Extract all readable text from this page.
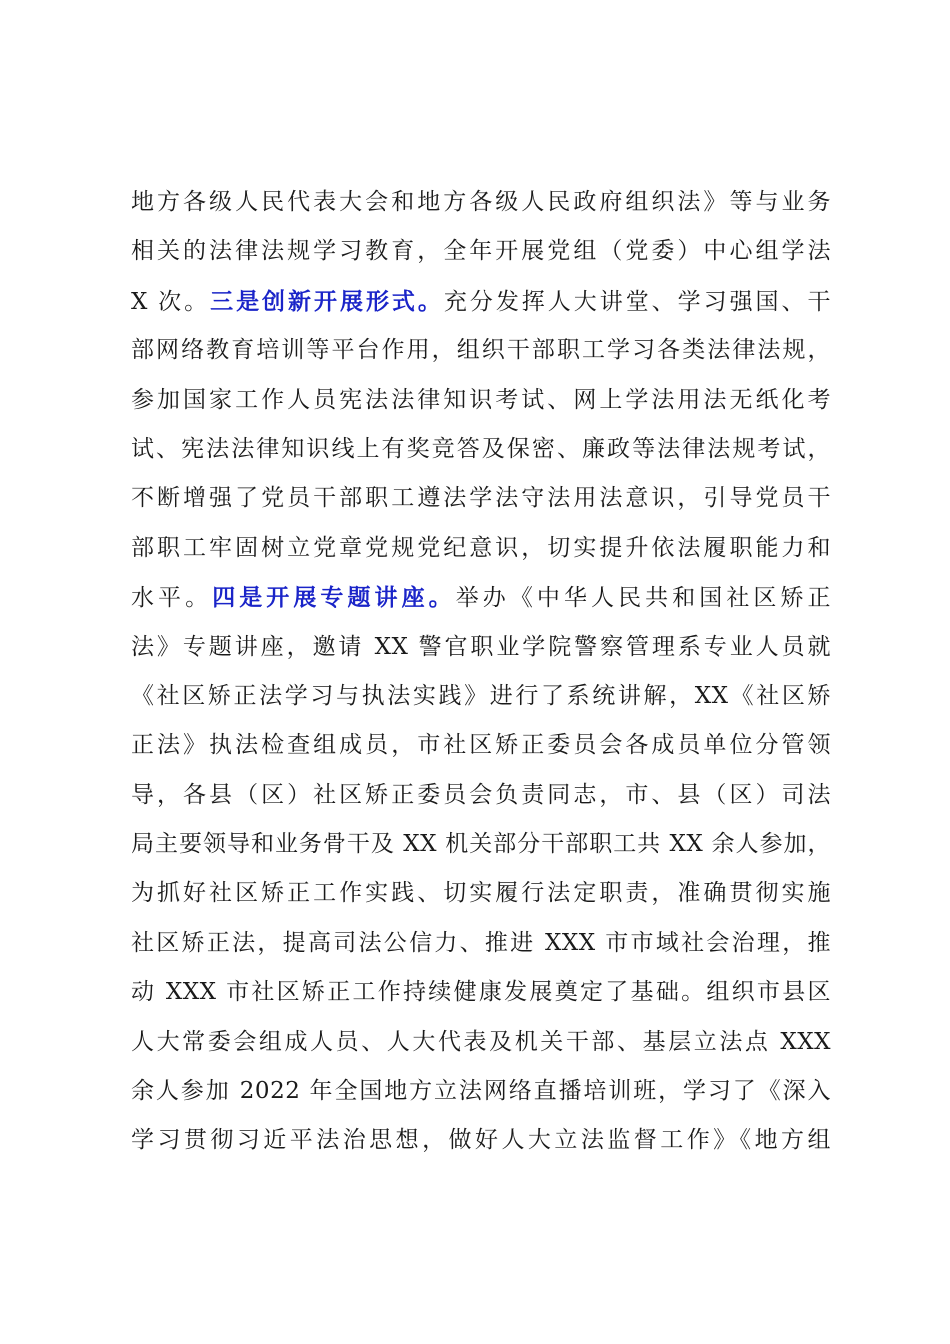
地方各级人民代表大会和地方各级人民政府组织法》等与业务
相关的法律法规学习教育，全年开展党组（党委）中心组学法
X 次。三是创新开展形式。充分发挥人大讲堂、学习强国、干
部网络教育培训等平台作用，组织干部职工学习各类法律法规，
参加国家工作人员宪法法律知识考试、网上学法用法无纸化考
试、宪法法律知识线上有奖竞答及保密、廉政等法律法规考试，
不断增强了党员干部职工遵法学法守法用法意识，引导党员干
部职工牢固树立党章党规党纪意识，切实提升依法履职能力和
水平。四是开展专题讲座。举办《中华人民共和国社区矫正
法》专题讲座，邀请 XX 警官职业学院警察管理系专业人员就
《社区矫正法学习与执法实践》进行了系统讲解，XX《社区矫
正法》执法检查组成员，市社区矫正委员会各成员单位分管领
导，各县（区）社区矫正委员会负责同志，市、县（区）司法
局主要领导和业务骨干及 XX 机关部分干部职工共 XX 余人参加，
为抓好社区矫正工作实践、切实履行法定职责，准确贯彻实施
社区矫正法，提高司法公信力、推进 XXX 市市域社会治理，推
动 XXX 市社区矫正工作持续健康发展奠定了基础。组织市县区
人大常委会组成人员、人大代表及机关干部、基层立法点 XXX
余人参加 2022 年全国地方立法网络直播培训班，学习了《深入
学习贯彻习近平法治思想，做好人大立法监督工作》《地方组
